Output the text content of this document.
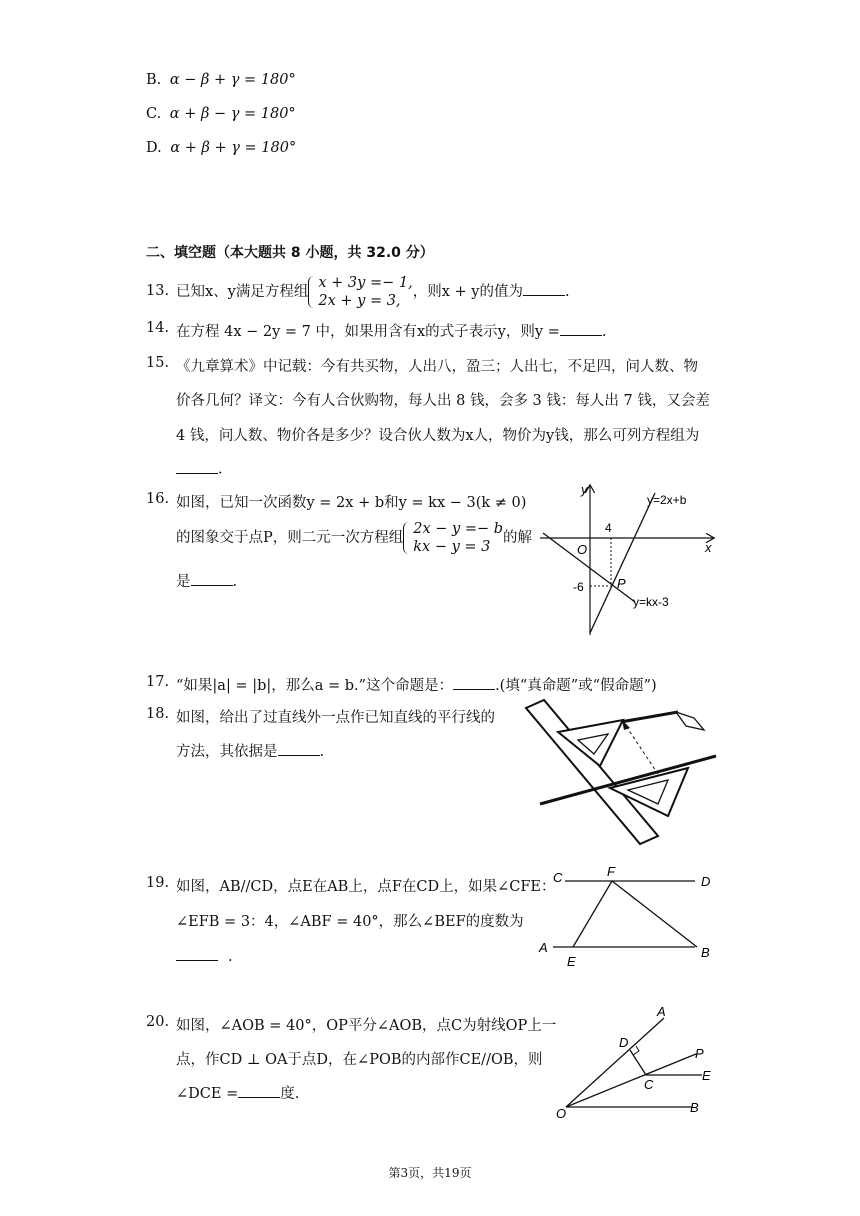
B. α − β + γ = 180°
C. α + β − γ = 180°
D. α + β + γ = 180°
二、填空题（本大题共 8 小题，共 32.0 分）
13. 已知x、y满足方程组x + 3y =− 1,
2x + y = 3,，则x + y的值为	.
14. 在方程 4x − 2y = 7 中，如果用含有x的式子表示y，则y =	.
15. 《九章算术》中记载：今有共买物，人出八，盈三；人出七，不足四，问人数、物
价各几何？译文：今有人合伙购物，每人出 8 钱，会多 3 钱：每人出 7 钱，又会差
4 钱，问人数、物价各是多少？设合伙人数为x人，物价为y钱，那么可列方程组为
.
16. 如图，已知一次函数y = 2x + b和y = kx − 3(k ≠ 0)
的图象交于点P，则二元一次方程组2x − y =− b
kx − y = 3的解
是	.
y
x
O
4
-6	P
y=2x+b
y=kx-3
17. “如果|a| = |b|，那么a = b.”这个命题是：	.(填“真命题”或“假命题”)
18. 如图，给出了过直线外一点作已知直线的平行线的
方法，其依据是	.
19. 如图，AB//CD，点E在AB上，点F在CD上，如果∠CFE：
∠EFB = 3：4，∠ABF = 40°，那么∠BEF的度数为
.
C	F
D
A
E
B
20. 如图，∠AOB = 40°，OP平分∠AOB，点C为射线OP上一
点，作CD ⊥ OA于点D，在∠POB的内部作CE//OB，则
∠DCE =	度.
A
D
P
C
E
O	B
第3页，共19页
